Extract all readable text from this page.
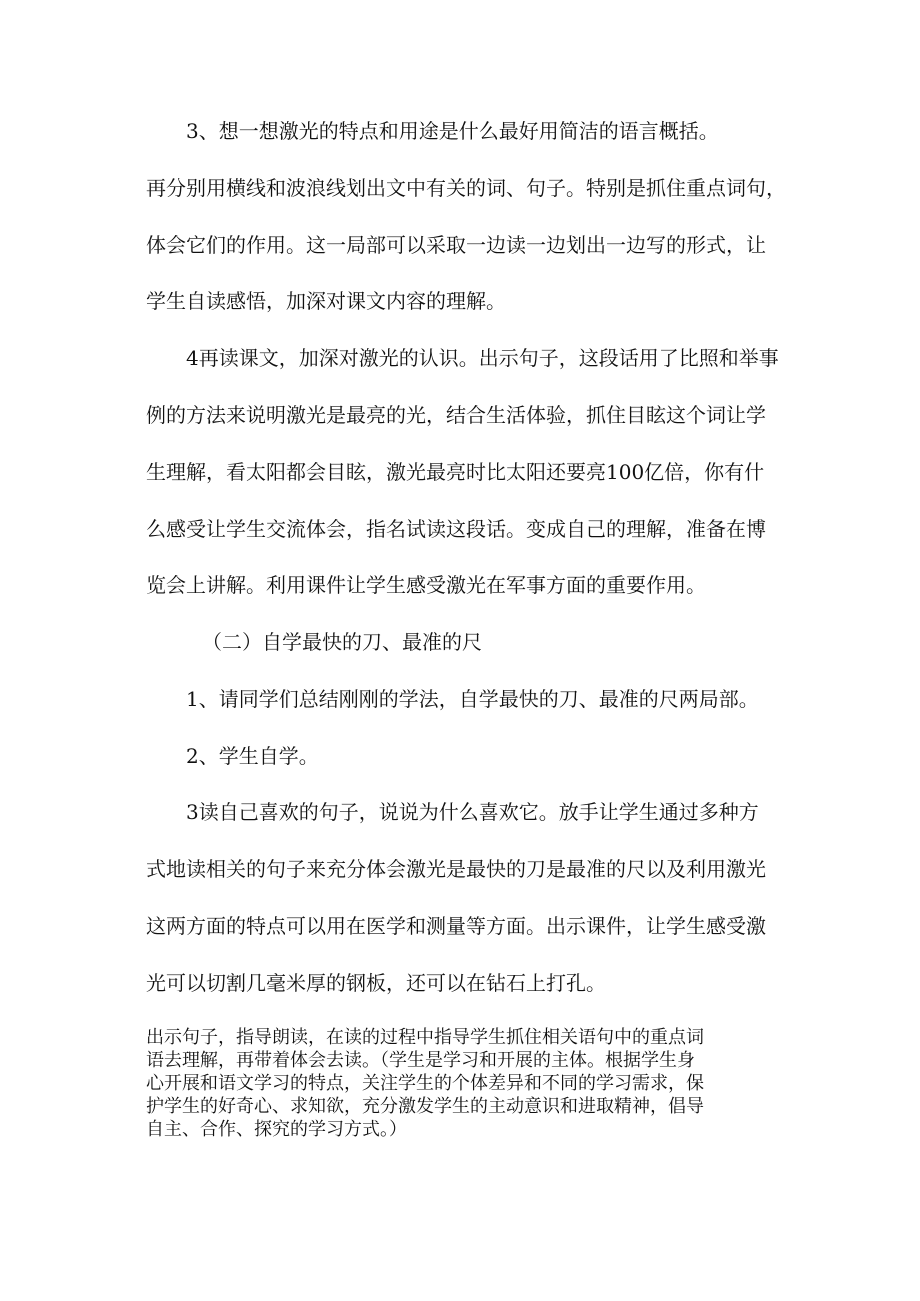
3、想一想激光的特点和用途是什么最好用简洁的语言概括。
再分别用横线和波浪线划出文中有关的词、句子。特别是抓住重点词句，
体会它们的作用。这一局部可以采取一边读一边划出一边写的形式，让
学生自读感悟，加深对课文内容的理解。
4再读课文，加深对激光的认识。出示句子，这段话用了比照和举事
例的方法来说明激光是最亮的光，结合生活体验，抓住目眩这个词让学
生理解，看太阳都会目眩，激光最亮时比太阳还要亮100亿倍，你有什
么感受让学生交流体会，指名试读这段话。变成自己的理解，准备在博
览会上讲解。利用课件让学生感受激光在军事方面的重要作用。
（二）自学最快的刀、最准的尺
1、请同学们总结刚刚的学法，自学最快的刀、最准的尺两局部。
2、学生自学。
3读自己喜欢的句子，说说为什么喜欢它。放手让学生通过多种方
式地读相关的句子来充分体会激光是最快的刀是最准的尺以及利用激光
这两方面的特点可以用在医学和测量等方面。出示课件，让学生感受激
光可以切割几毫米厚的钢板，还可以在钻石上打孔。
出示句子，指导朗读，在读的过程中指导学生抓住相关语句中的重点词
语去理解，再带着体会去读。（学生是学习和开展的主体。根据学生身
心开展和语文学习的特点，关注学生的个体差异和不同的学习需求，保
护学生的好奇心、求知欲，充分激发学生的主动意识和进取精神，倡导
自主、合作、探究的学习方式。）
